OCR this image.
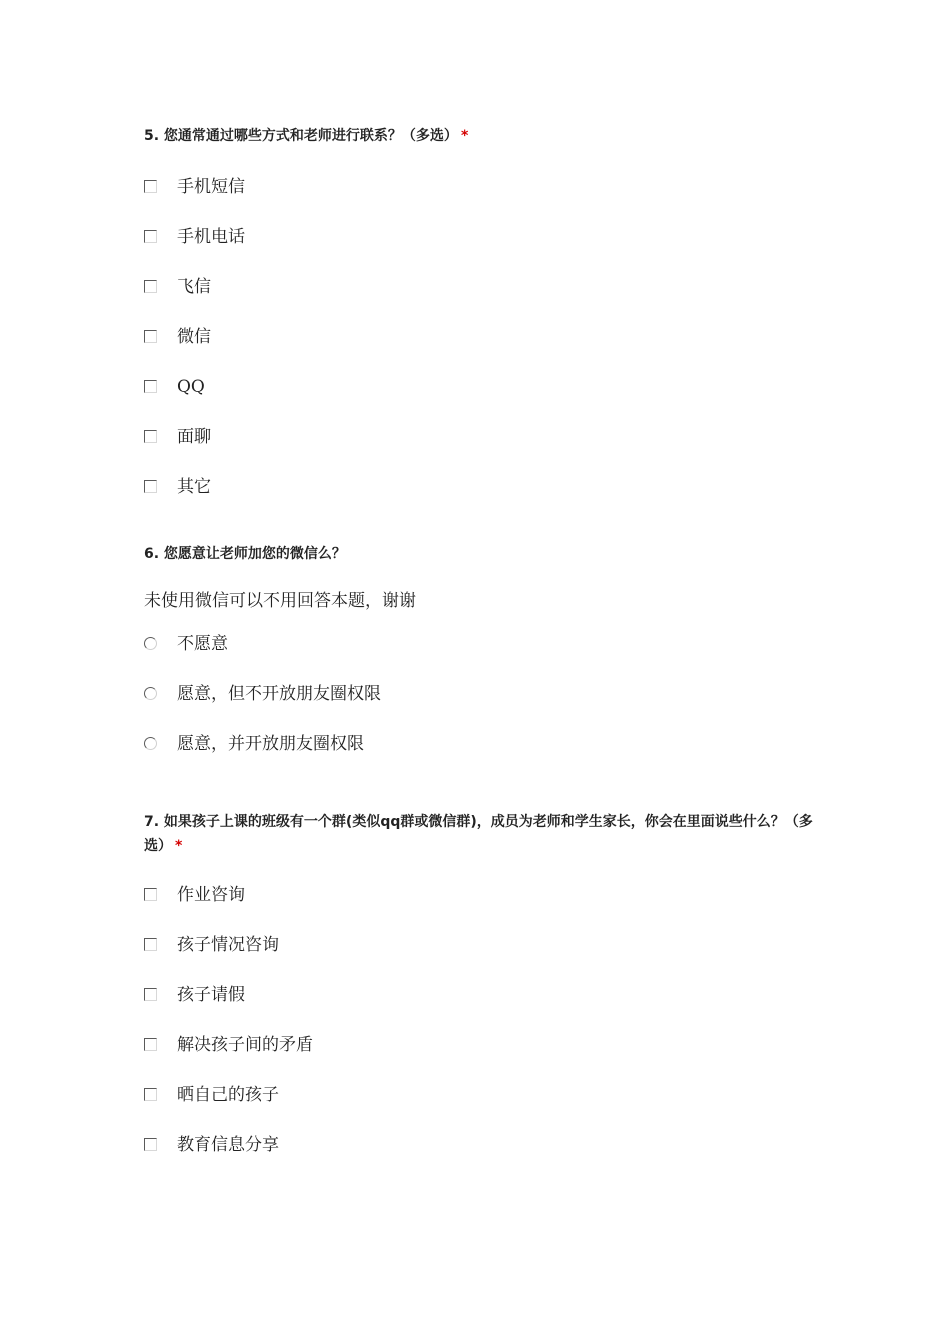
5. 您通常通过哪些方式和老师进行联系？（多选） *
手机短信
手机电话
飞信
微信
QQ
面聊
其它
6. 您愿意让老师加您的微信么？
未使用微信可以不用回答本题，谢谢
不愿意
愿意，但不开放朋友圈权限
愿意，并开放朋友圈权限
7. 如果孩子上课的班级有一个群(类似qq群或微信群)，成员为老师和学生家长，你会在里面说些什么？（多选） *
作业咨询
孩子情况咨询
孩子请假
解决孩子间的矛盾
晒自己的孩子
教育信息分享
